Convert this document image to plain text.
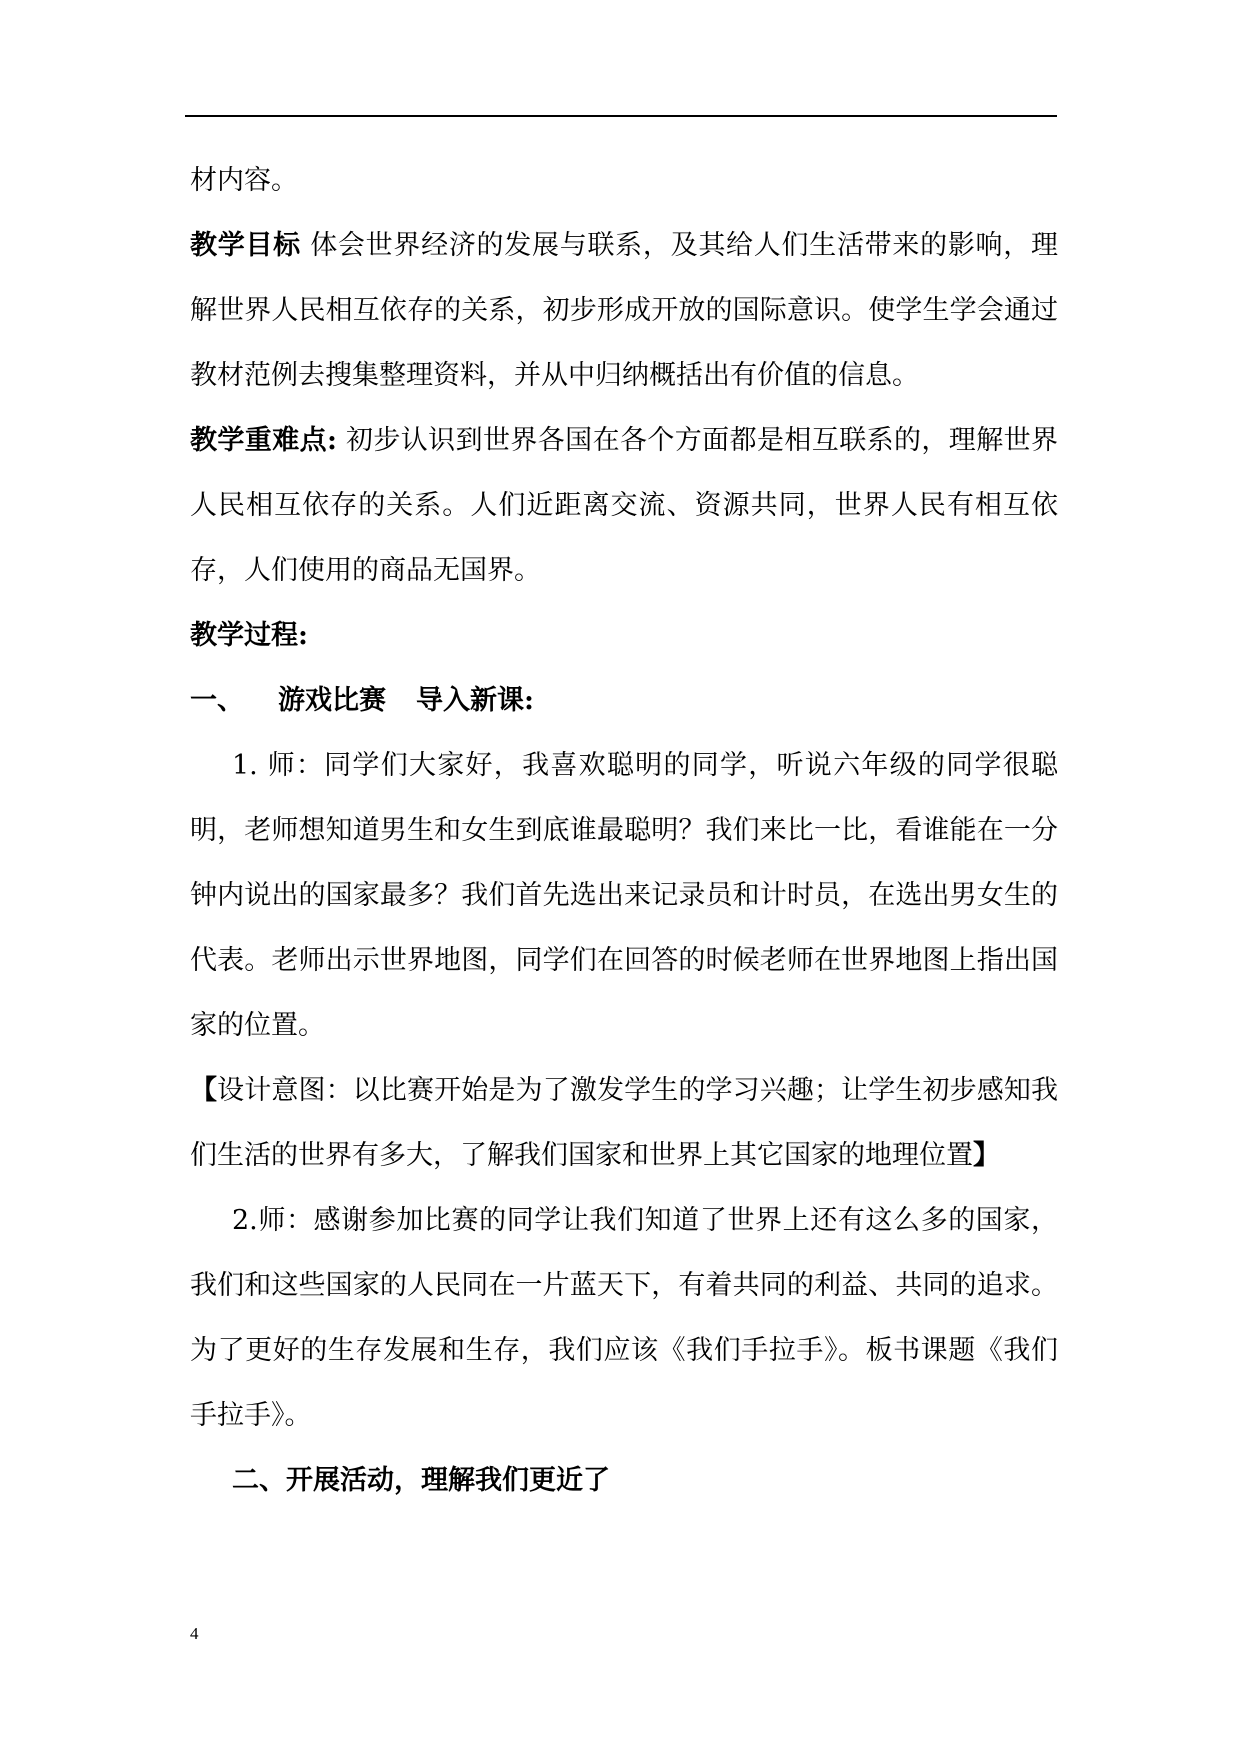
材内容。

教学目标 体会世界经济的发展与联系，及其给人们生活带来的影响，理解世界人民相互依存的关系，初步形成开放的国际意识。使学生学会通过教材范例去搜集整理资料，并从中归纳概括出有价值的信息。

教学重难点: 初步认识到世界各国在各个方面都是相互联系的，理解世界人民相互依存的关系。人们近距离交流、资源共同，世界人民有相互依存，人们使用的商品无国界。

教学过程:

一、 游戏比赛 导入新课:

1. 师：同学们大家好，我喜欢聪明的同学，听说六年级的同学很聪明，老师想知道男生和女生到底谁最聪明？我们来比一比，看谁能在一分钟内说出的国家最多？我们首先选出来记录员和计时员，在选出男女生的代表。老师出示世界地图，同学们在回答的时候老师在世界地图上指出国家的位置。

【设计意图：以比赛开始是为了激发学生的学习兴趣；让学生初步感知我们生活的世界有多大，了解我们国家和世界上其它国家的地理位置】

2.师：感谢参加比赛的同学让我们知道了世界上还有这么多的国家，我们和这些国家的人民同在一片蓝天下，有着共同的利益、共同的追求。为了更好的生存发展和生存，我们应该《我们手拉手》。板书课题《我们手拉手》。

二、开展活动，理解我们更近了

4
